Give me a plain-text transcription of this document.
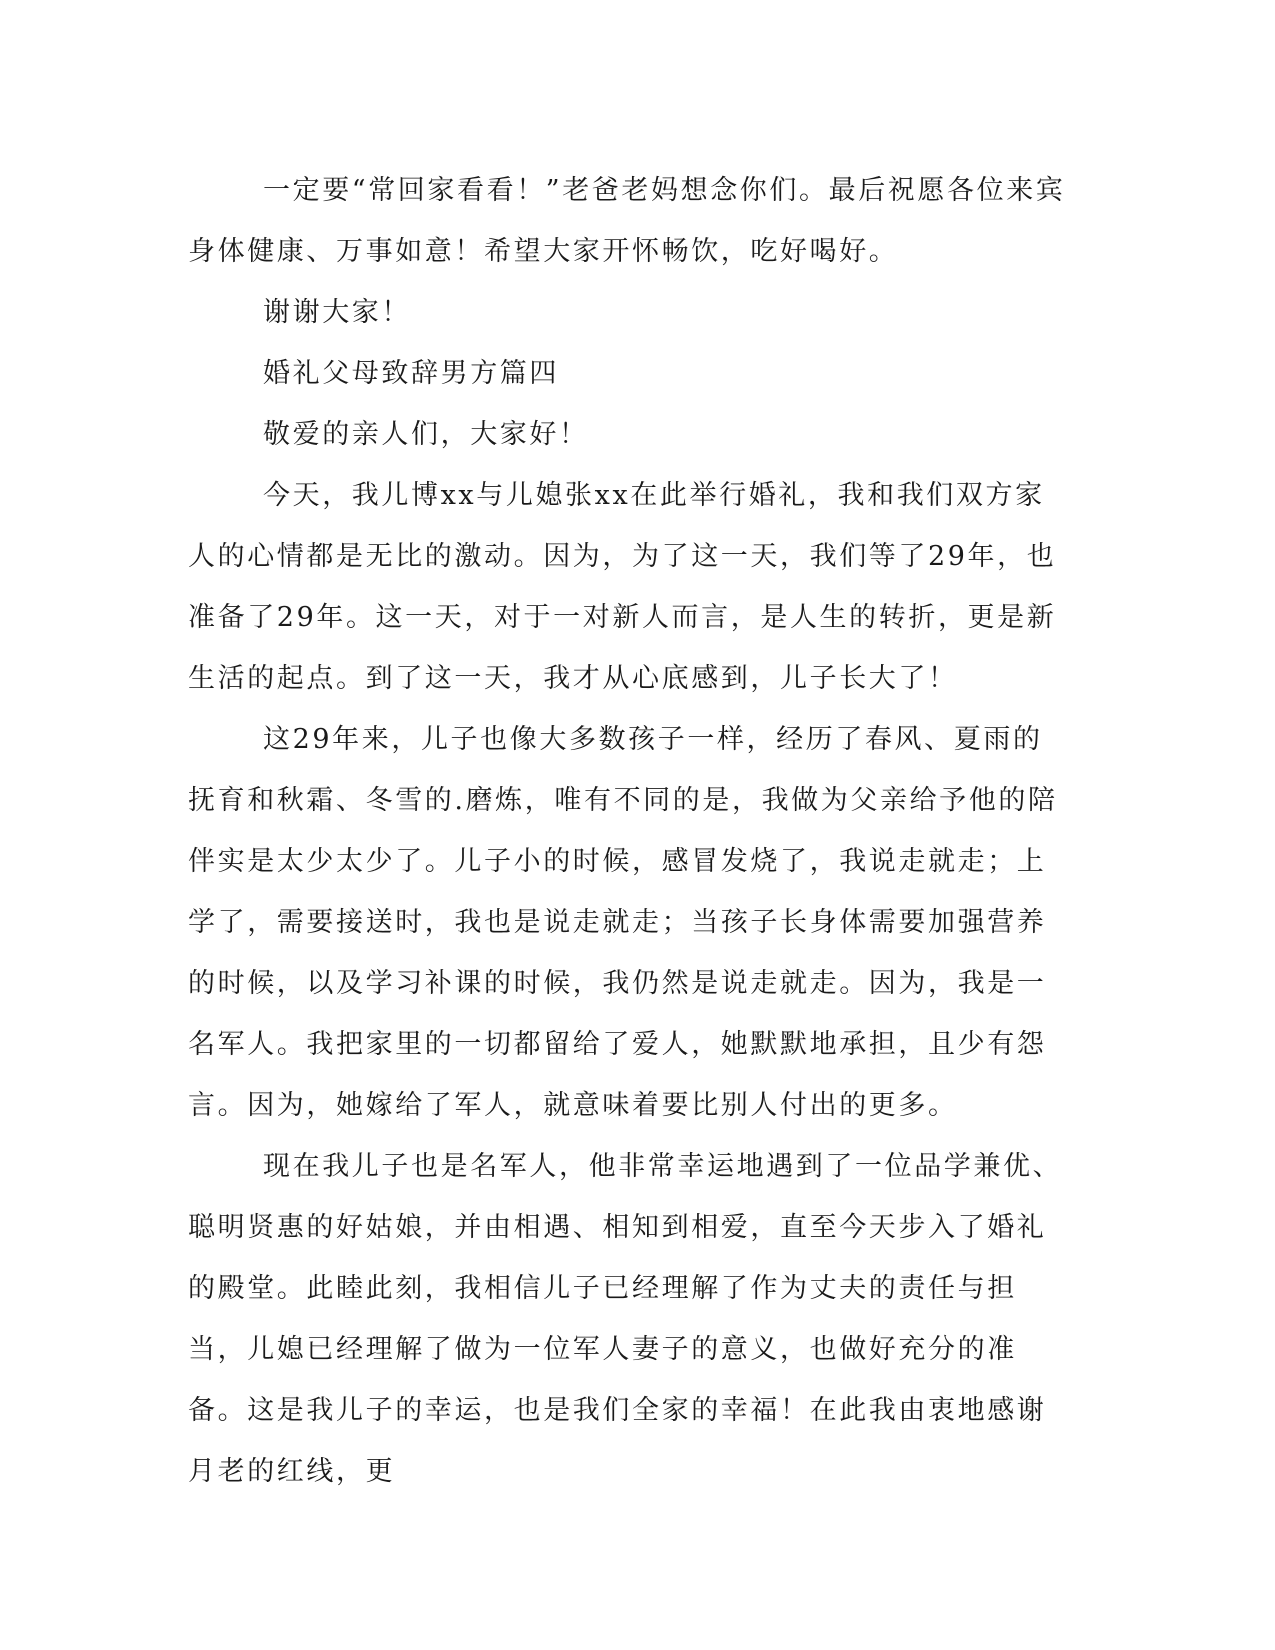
一定要“常回家看看！”老爸老妈想念你们。最后祝愿各位来宾身体健康、万事如意！希望大家开怀畅饮，吃好喝好。

谢谢大家！

婚礼父母致辞男方篇四

敬爱的亲人们，大家好！

今天，我儿博xx与儿媳张xx在此举行婚礼，我和我们双方家人的心情都是无比的激动。因为，为了这一天，我们等了29年，也准备了29年。这一天，对于一对新人而言，是人生的转折，更是新生活的起点。到了这一天，我才从心底感到，儿子长大了！

这29年来，儿子也像大多数孩子一样，经历了春风、夏雨的抚育和秋霜、冬雪的.磨炼，唯有不同的是，我做为父亲给予他的陪伴实是太少太少了。儿子小的时候，感冒发烧了，我说走就走；上学了，需要接送时，我也是说走就走；当孩子长身体需要加强营养的时候，以及学习补课的时候，我仍然是说走就走。因为，我是一名军人。我把家里的一切都留给了爱人，她默默地承担，且少有怨言。因为，她嫁给了军人，就意味着要比别人付出的更多。

现在我儿子也是名军人，他非常幸运地遇到了一位品学兼优、聪明贤惠的好姑娘，并由相遇、相知到相爱，直至今天步入了婚礼的殿堂。此睦此刻，我相信儿子已经理解了作为丈夫的责任与担当，儿媳已经理解了做为一位军人妻子的意义，也做好充分的准备。这是我儿子的幸运，也是我们全家的幸福！在此我由衷地感谢月老的红线，更
